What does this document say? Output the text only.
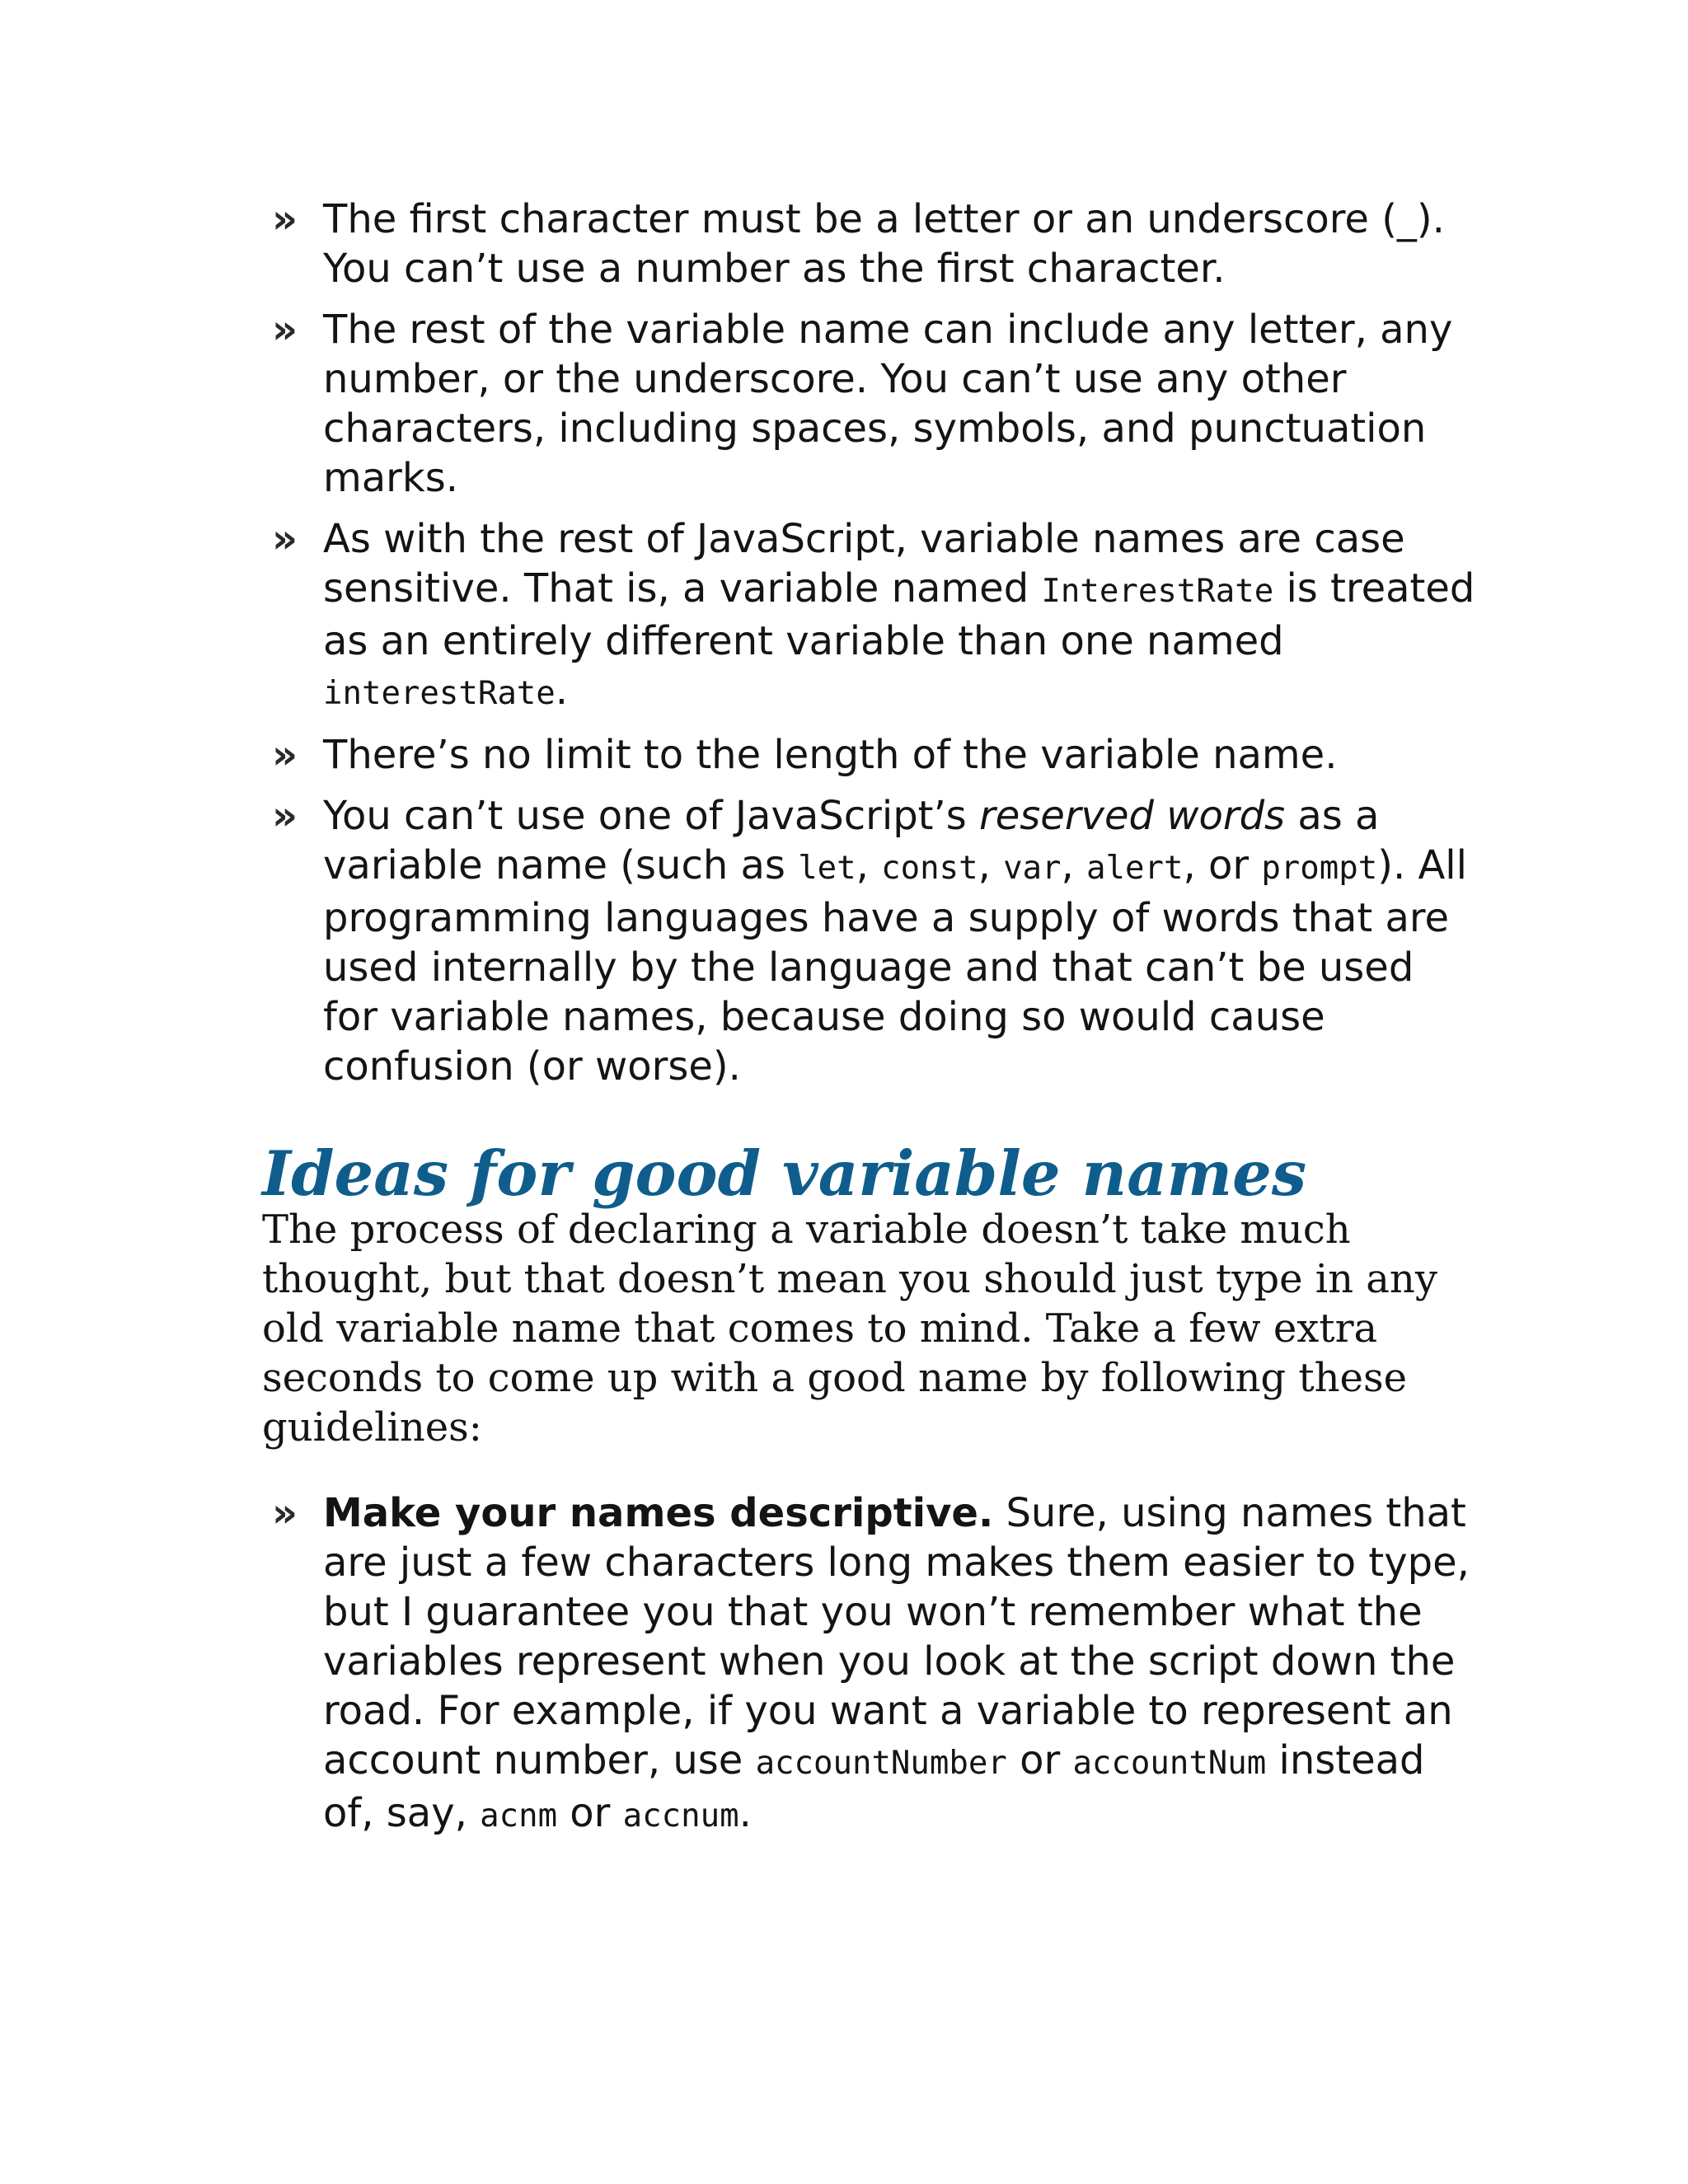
» The first character must be a letter or an underscore (_). You can’t use a number as the first character.
» The rest of the variable name can include any letter, any number, or the underscore. You can’t use any other characters, including spaces, symbols, and punctuation marks.
» As with the rest of JavaScript, variable names are case sensitive. That is, a variable named InterestRate is treated as an entirely different variable than one named interestRate.
» There’s no limit to the length of the variable name.
» You can’t use one of JavaScript’s reserved words as a variable name (such as let, const, var, alert, or prompt). All programming languages have a supply of words that are used internally by the language and that can’t be used for variable names, because doing so would cause confusion (or worse).
Ideas for good variable names

The process of declaring a variable doesn’t take much thought, but that doesn’t mean you should just type in any old variable name that comes to mind. Take a few extra seconds to come up with a good name by following these guidelines:

» Make your names descriptive. Sure, using names that are just a few characters long makes them easier to type, but I guarantee you that you won’t remember what the variables represent when you look at the script down the road. For example, if you want a variable to represent an account number, use accountNumber or accountNum instead of, say, acnm or accnum.
